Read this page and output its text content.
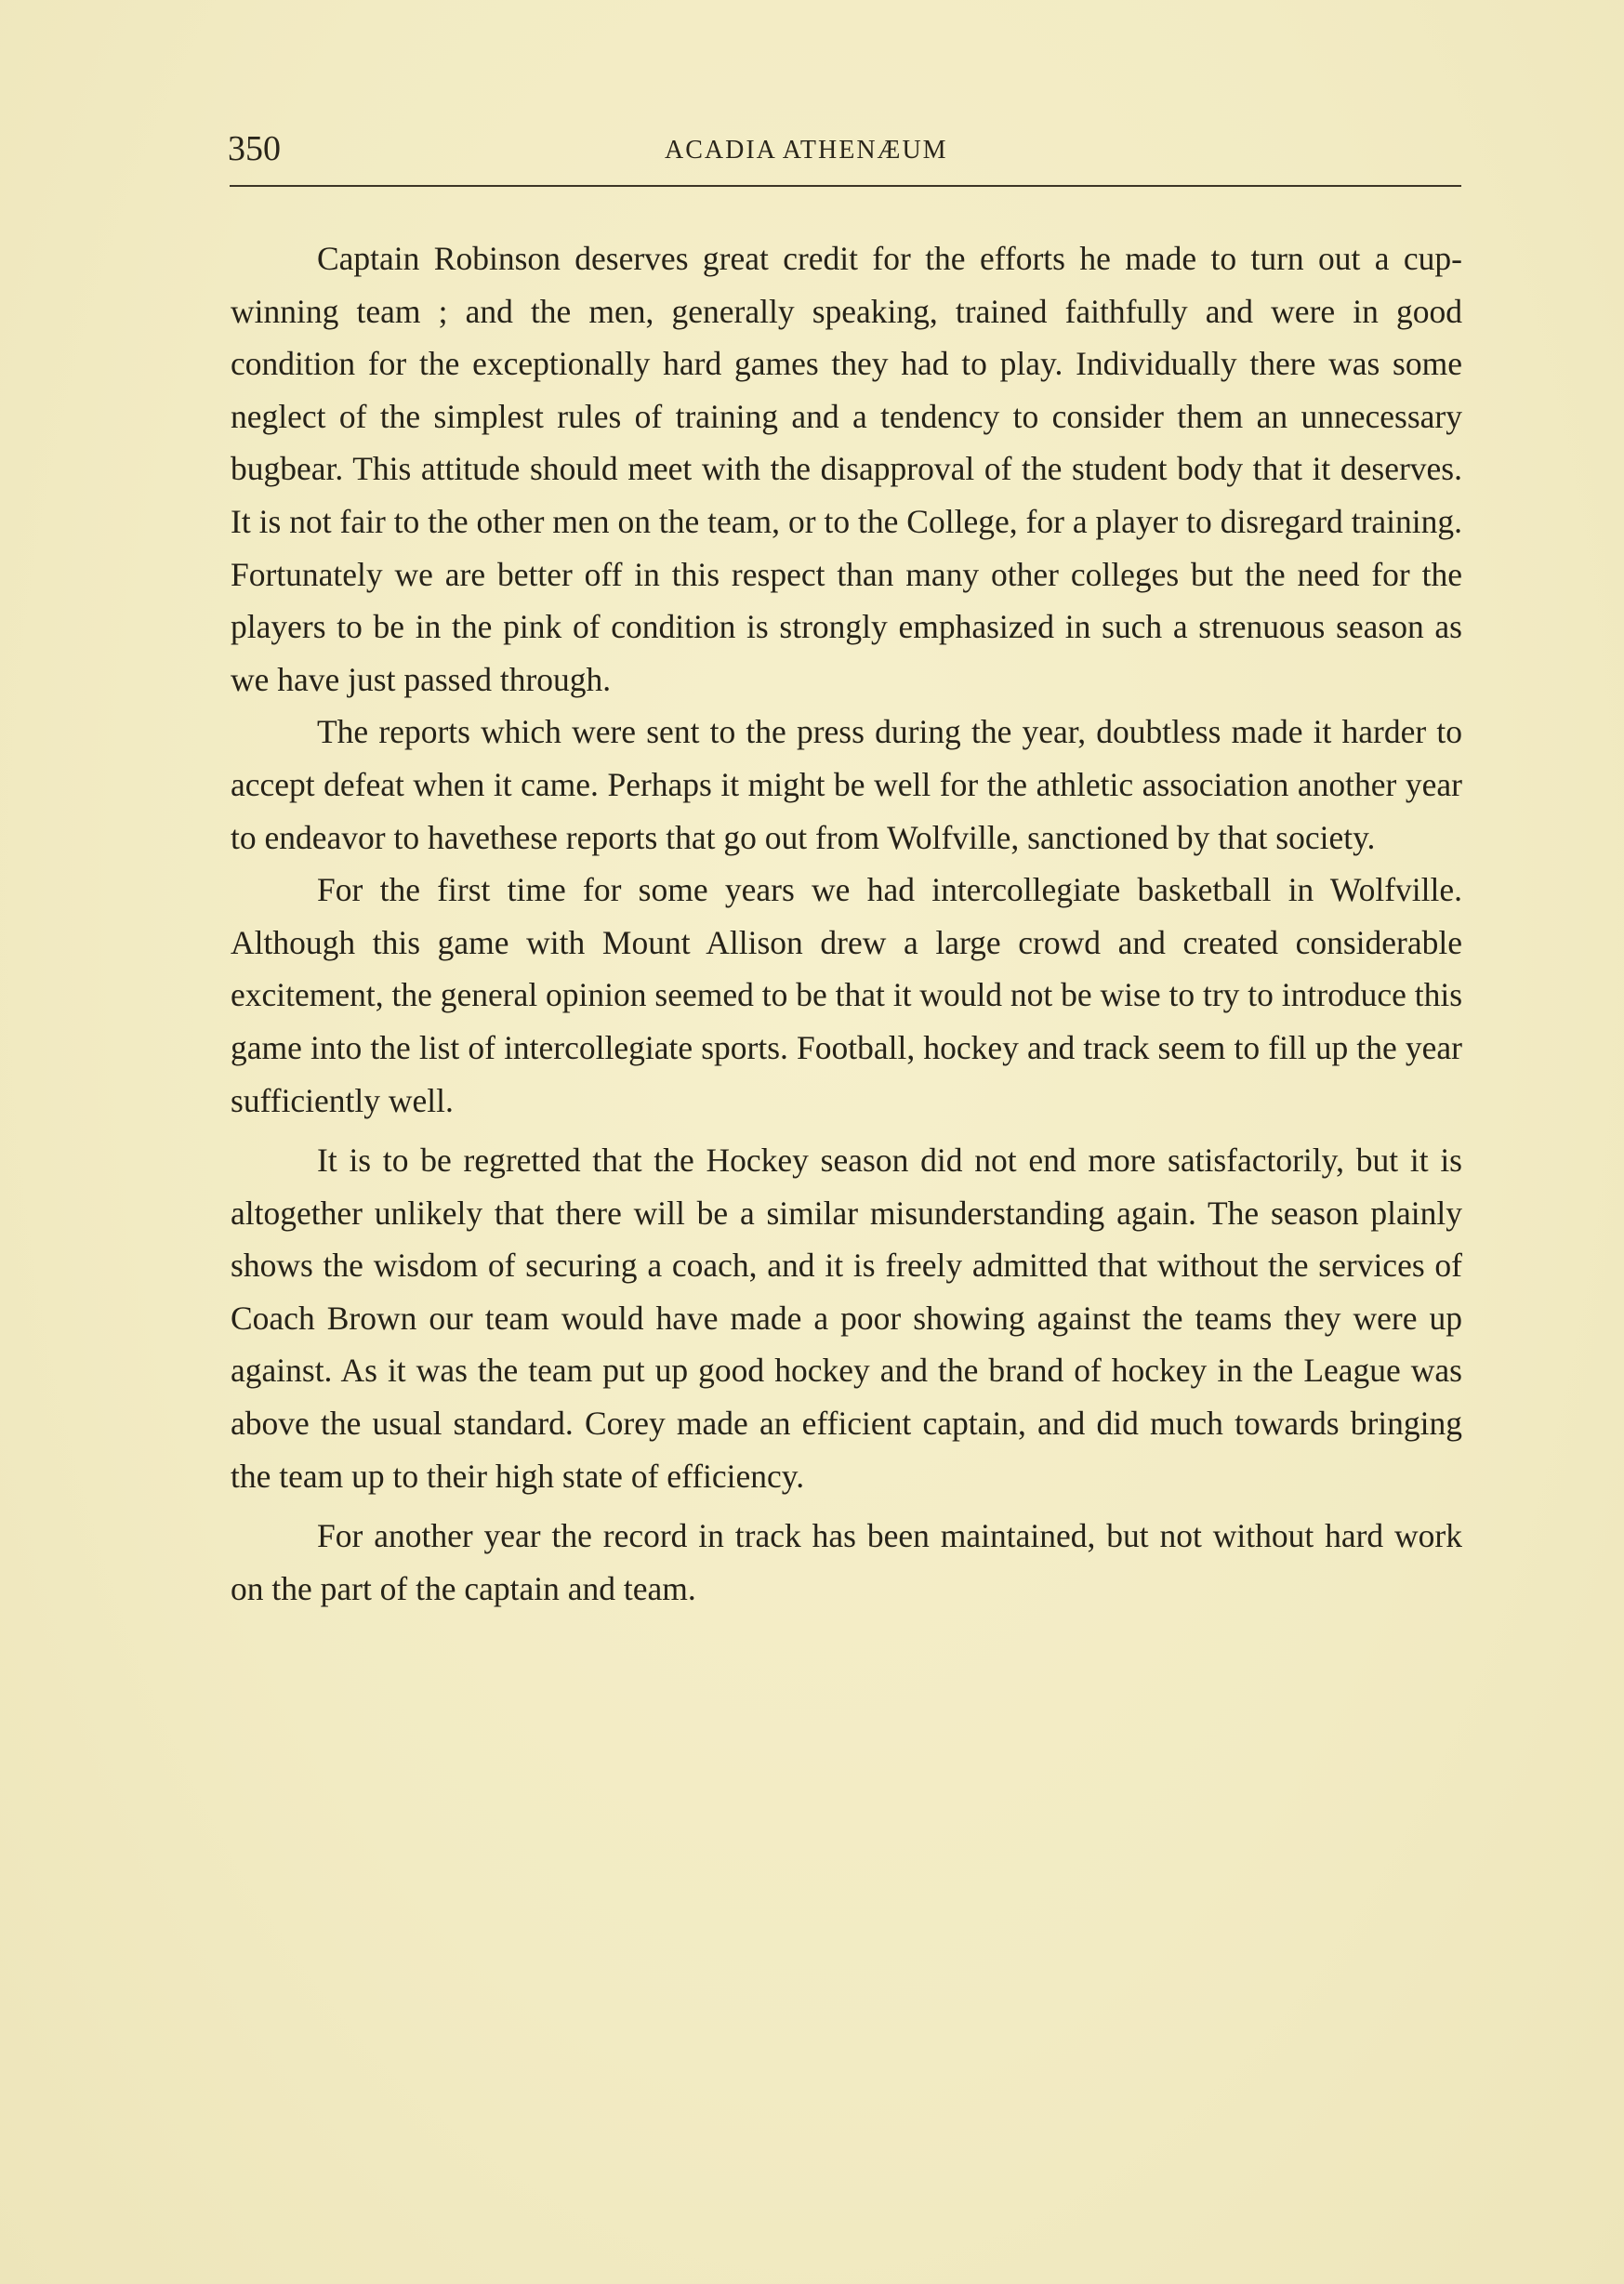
350	ACADIA ATHENÆUM

Captain Robinson deserves great credit for the efforts he made to turn out a cup-winning team ; and the men, generally speaking, trained faithfully and were in good condition for the exceptionally hard games they had to play. Individually there was some neglect of the simplest rules of training and a tendency to consider them an unnecessary bugbear. This attitude should meet with the disapproval of the student body that it deserves. It is not fair to the other men on the team, or to the College, for a player to disregard training. Fortunately we are better off in this respect than many other colleges but the need for the players to be in the pink of condition is strongly emphasized in such a strenuous season as we have just passed through.

The reports which were sent to the press during the year, doubtless made it harder to accept defeat when it came. Perhaps it might be well for the athletic association another year to endeavor to havethese reports that go out from Wolfville, sanctioned by that society.

For the first time for some years we had intercollegiate basketball in Wolfville. Although this game with Mount Allison drew a large crowd and created considerable excitement, the general opinion seemed to be that it would not be wise to try to introduce this game into the list of intercollegiate sports. Football, hockey and track seem to fill up the year sufficiently well.

It is to be regretted that the Hockey season did not end more satisfactorily, but it is altogether unlikely that there will be a similar misunderstanding again. The season plainly shows the wisdom of securing a coach, and it is freely admitted that without the services of Coach Brown our team would have made a poor showing against the teams they were up against. As it was the team put up good hockey and the brand of hockey in the League was above the usual standard. Corey made an efficient captain, and did much towards bringing the team up to their high state of efficiency.

For another year the record in track has been maintained, but not without hard work on the part of the captain and team.
